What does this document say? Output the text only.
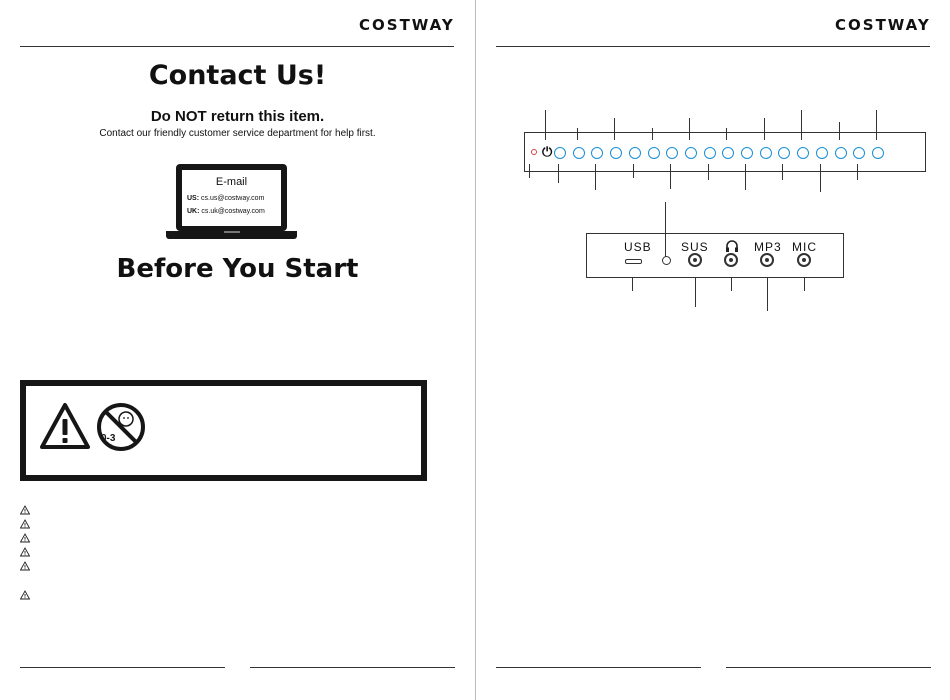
COSTWAY
Contact Us!
Do NOT return this item.
Contact our friendly customer service department for help first.
E-mail
US: cs.us@costway.com
UK: cs.uk@costway.com
Before You Start
0-3
COSTWAY
⏻
USB SUS	MP3 MIC
